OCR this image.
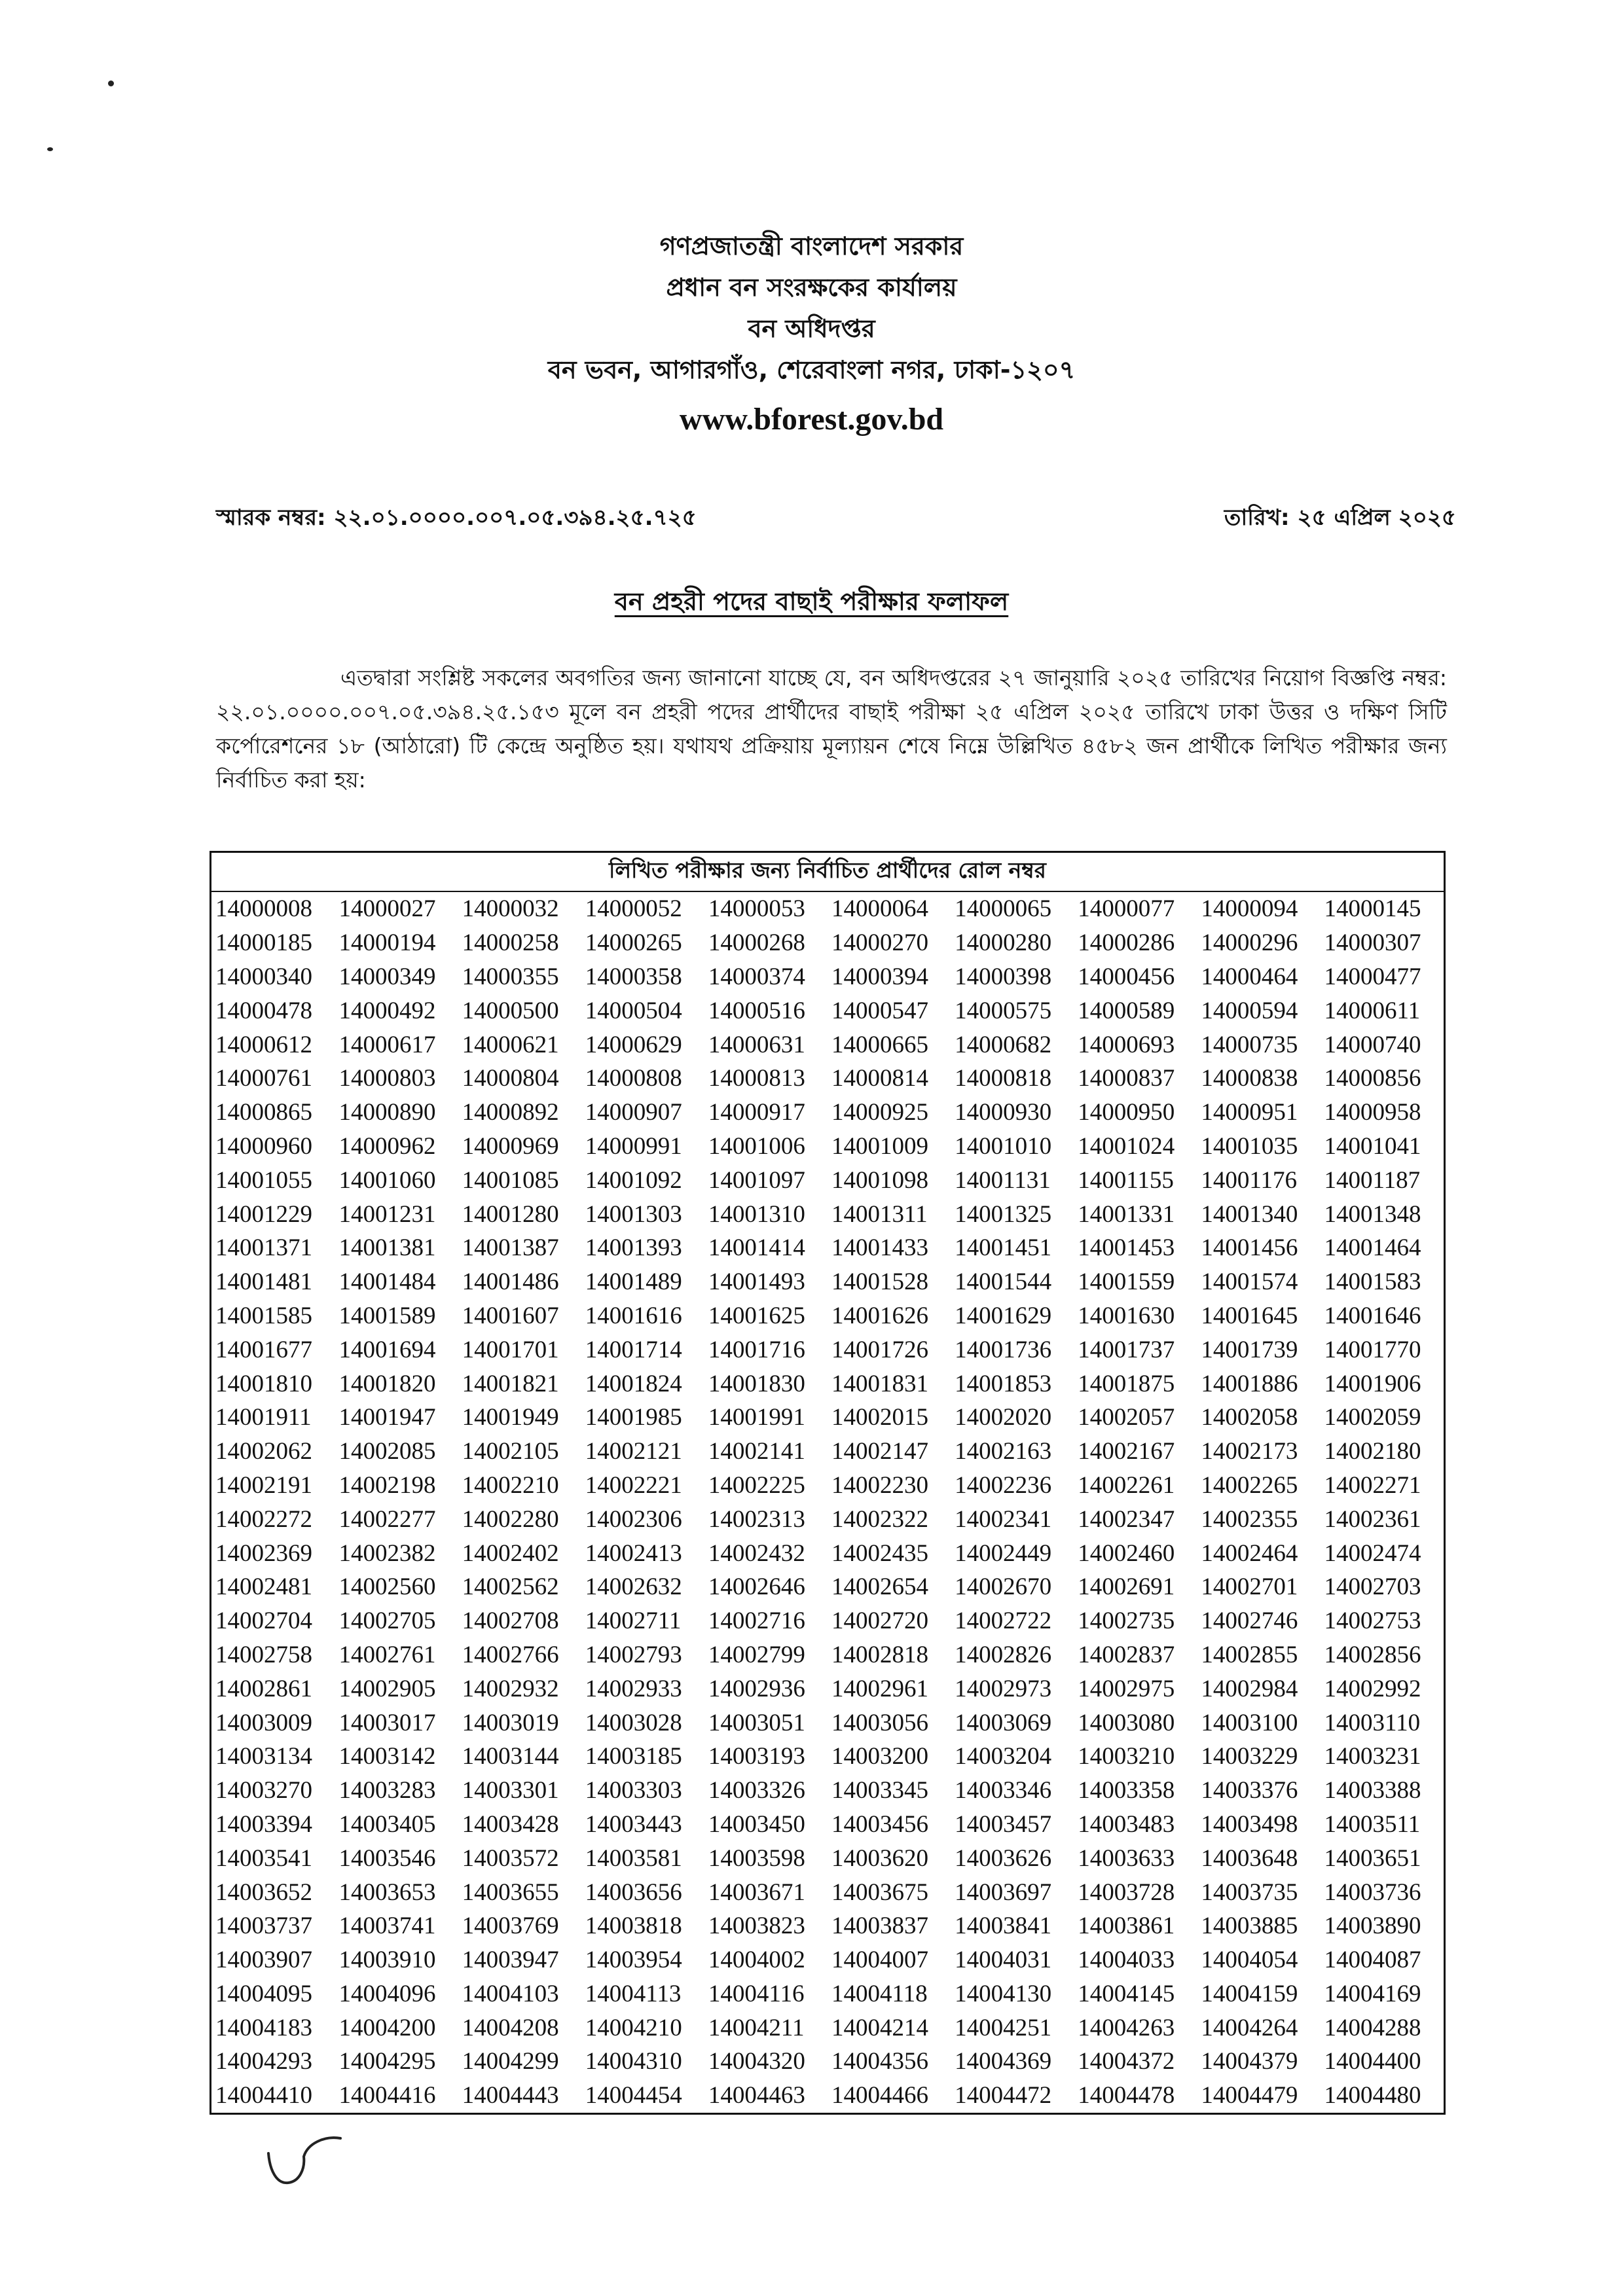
গণপ্রজাতন্ত্রী বাংলাদেশ সরকার
প্রধান বন সংরক্ষকের কার্যালয়
বন অধিদপ্তর
বন ভবন, আগারগাঁও, শেরেবাংলা নগর, ঢাকা-১২০৭
www.bforest.gov.bd
স্মারক নম্বর: ২২.০১.০০০০.০০৭.০৫.৩৯৪.২৫.৭২৫	তারিখ: ২৫ এপ্রিল ২০২৫
বন প্রহরী পদের বাছাই পরীক্ষার ফলাফল
এতদ্বারা সংশ্লিষ্ট সকলের অবগতির জন্য জানানো যাচ্ছে যে, বন অধিদপ্তরের ২৭ জানুয়ারি ২০২৫ তারিখের নিয়োগ বিজ্ঞপ্তি নম্বর: ২২.০১.০০০০.০০৭.০৫.৩৯৪.২৫.১৫৩ মূলে বন প্রহরী পদের প্রার্থীদের বাছাই পরীক্ষা ২৫ এপ্রিল ২০২৫ তারিখে ঢাকা উত্তর ও দক্ষিণ সিটি কর্পোরেশনের ১৮ (আঠারো) টি কেন্দ্রে অনুষ্ঠিত হয়। যথাযথ প্রক্রিয়ায় মূল্যায়ন শেষে নিম্নে উল্লিখিত ৪৫৮২ জন প্রার্থীকে লিখিত পরীক্ষার জন্য নির্বাচিত করা হয়:
লিখিত পরীক্ষার জন্য নির্বাচিত প্রার্থীদের রোল নম্বর									
14000008	14000027	14000032	14000052	14000053	14000064	14000065	14000077	14000094	14000145
14000185	14000194	14000258	14000265	14000268	14000270	14000280	14000286	14000296	14000307
14000340	14000349	14000355	14000358	14000374	14000394	14000398	14000456	14000464	14000477
14000478	14000492	14000500	14000504	14000516	14000547	14000575	14000589	14000594	14000611
14000612	14000617	14000621	14000629	14000631	14000665	14000682	14000693	14000735	14000740
14000761	14000803	14000804	14000808	14000813	14000814	14000818	14000837	14000838	14000856
14000865	14000890	14000892	14000907	14000917	14000925	14000930	14000950	14000951	14000958
14000960	14000962	14000969	14000991	14001006	14001009	14001010	14001024	14001035	14001041
14001055	14001060	14001085	14001092	14001097	14001098	14001131	14001155	14001176	14001187
14001229	14001231	14001280	14001303	14001310	14001311	14001325	14001331	14001340	14001348
14001371	14001381	14001387	14001393	14001414	14001433	14001451	14001453	14001456	14001464
14001481	14001484	14001486	14001489	14001493	14001528	14001544	14001559	14001574	14001583
14001585	14001589	14001607	14001616	14001625	14001626	14001629	14001630	14001645	14001646
14001677	14001694	14001701	14001714	14001716	14001726	14001736	14001737	14001739	14001770
14001810	14001820	14001821	14001824	14001830	14001831	14001853	14001875	14001886	14001906
14001911	14001947	14001949	14001985	14001991	14002015	14002020	14002057	14002058	14002059
14002062	14002085	14002105	14002121	14002141	14002147	14002163	14002167	14002173	14002180
14002191	14002198	14002210	14002221	14002225	14002230	14002236	14002261	14002265	14002271
14002272	14002277	14002280	14002306	14002313	14002322	14002341	14002347	14002355	14002361
14002369	14002382	14002402	14002413	14002432	14002435	14002449	14002460	14002464	14002474
14002481	14002560	14002562	14002632	14002646	14002654	14002670	14002691	14002701	14002703
14002704	14002705	14002708	14002711	14002716	14002720	14002722	14002735	14002746	14002753
14002758	14002761	14002766	14002793	14002799	14002818	14002826	14002837	14002855	14002856
14002861	14002905	14002932	14002933	14002936	14002961	14002973	14002975	14002984	14002992
14003009	14003017	14003019	14003028	14003051	14003056	14003069	14003080	14003100	14003110
14003134	14003142	14003144	14003185	14003193	14003200	14003204	14003210	14003229	14003231
14003270	14003283	14003301	14003303	14003326	14003345	14003346	14003358	14003376	14003388
14003394	14003405	14003428	14003443	14003450	14003456	14003457	14003483	14003498	14003511
14003541	14003546	14003572	14003581	14003598	14003620	14003626	14003633	14003648	14003651
14003652	14003653	14003655	14003656	14003671	14003675	14003697	14003728	14003735	14003736
14003737	14003741	14003769	14003818	14003823	14003837	14003841	14003861	14003885	14003890
14003907	14003910	14003947	14003954	14004002	14004007	14004031	14004033	14004054	14004087
14004095	14004096	14004103	14004113	14004116	14004118	14004130	14004145	14004159	14004169
14004183	14004200	14004208	14004210	14004211	14004214	14004251	14004263	14004264	14004288
14004293	14004295	14004299	14004310	14004320	14004356	14004369	14004372	14004379	14004400
14004410	14004416	14004443	14004454	14004463	14004466	14004472	14004478	14004479	14004480
